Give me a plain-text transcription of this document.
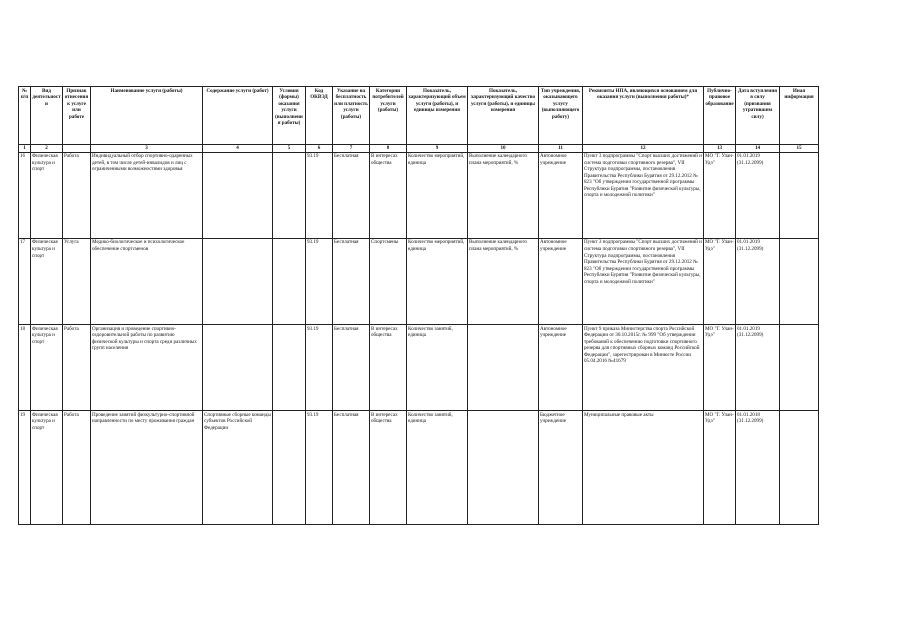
№ п/п	Вид деятельности	Признак отнесения к услуге или работе	Наименование услуги (работы)	Содержание услуги (работ)	Условия (формы) оказания услуги (выполнения работы)	Код ОКВЭД	Указание на бесплатность или платность услуги (работы)	Категории потребителей услуги (работы)	Показатель, характеризующий объем услуги (работы), и единицы измерения	Показатель, характеризующий качество услуги (работы), и единицы измерения	Тип учреждения, оказывающего услугу (выполняющего работу)	Реквизиты НПА, являющихся основанием для оказания услуги (выполнения работы)*	Публично-правовое образование	Дата вступления в силу (признания утратившим силу)	Иная информация
1	2		3	4	5	6	7	8	9	10	11	12	13	14	15
16	Физическая культура и спорт	Работа	Индивидуальный отбор спортивно-одаренных детей, в том числе детей-инвалидов и лиц с ограниченными возможностями здоровья			93.19	Бесплатная	В интересах общества	Количество мероприятий, единица	Выполнение календарного плана мероприятий, %	Автономное учреждение	Пункт 3 подпрограммы "Спорт высших достижений и система подготовки спортивного резерва", VII Структура подпрограммы, постановления Правительства Республики Бурятия от 29.12.2012 № 823 "Об утверждении государственной программы Республики Бурятия "Развитие физической культуры, спорта и молодежной политики"	МО "Г. Улан-Удэ"	01.01.2019 (31.12.2099)	
17	Физическая культура и спорт	Услуга	Медико-биологическое и психологическое обеспечение спортсменов			93.19	Бесплатная	Спортсмены	Количество мероприятий, единица	Выполнение календарного плана мероприятий, %	Автономное учреждение	Пункт 3 подпрограммы "Спорт высших достижений и система подготовки спортивного резерва", VII Структура подпрограммы, постановления Правительства Республики Бурятия от 29.12.2012 № 823 "Об утверждении государственной программы Республики Бурятия "Развитие физической культуры, спорта и молодежной политики"	МО "Г. Улан-Удэ"	01.01.2019 (31.12.2099)	
18	Физическая культура и спорт	Работа	Организация и проведение спортивно-оздоровительной работы по развитию физической культуры и спорта среди различных групп населения			93.19	Бесплатная	В интересах общества	Количество занятий, единица		Автономное учреждение	Пункт 9 приказа Министерства спорта Российской Федерации от 30.10.2015г. № 999 "Об утверждении требований к обеспечению подготовки спортивного резерва для спортивных сборных команд Российской Федерации", зарегистрирован в Минюсте России 05.04.2016 №41679	МО "Г. Улан-Удэ"	01.01.2019 (31.12.2099)	
19	Физическая культура и спорт	Работа	Проведение занятий физкультурно-спортивной направленности по месту проживания граждан	Спортивные сборные команды субъектов Российской Федерации		93.19	Бесплатная	В интересах общества	Количество занятий, единица		Бюджетное учреждение	Муниципальные правовые акты	МО "Г. Улан-Удэ"	01.01.2018 (31.12.2099)	
